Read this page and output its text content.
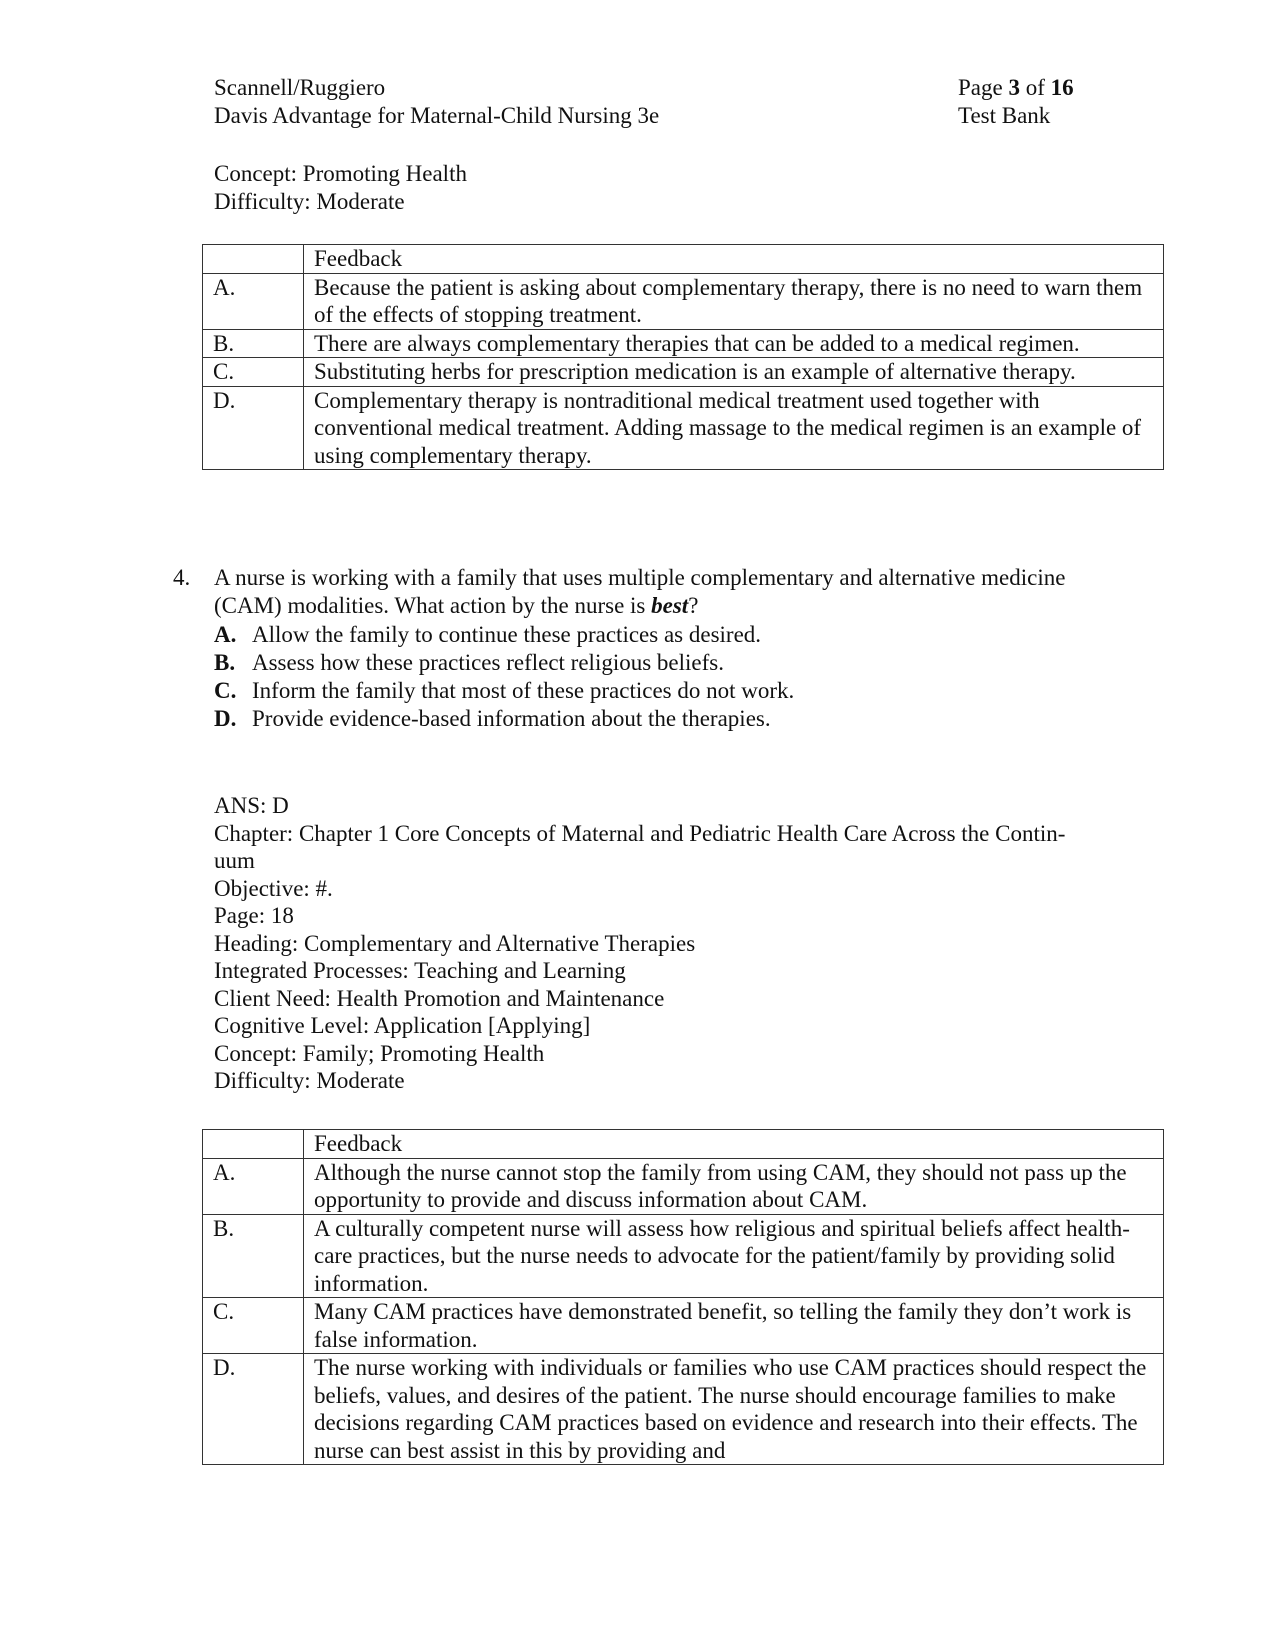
Scannell/Ruggiero
Davis Advantage for Maternal-Child Nursing 3e
Page 3 of 16
Test Bank
Concept: Promoting Health
Difficulty: Moderate
	Feedback
A.	Because the patient is asking about complementary therapy, there is no need to warn them of the effects of stopping treatment.
B.	There are always complementary therapies that can be added to a medical regimen.
C.	Substituting herbs for prescription medication is an example of alternative therapy.
D.	Complementary therapy is nontraditional medical treatment used together with conventional medical treatment. Adding massage to the medical regimen is an example of using complementary therapy.
4. A nurse is working with a family that uses multiple complementary and alternative medicine (CAM) modalities. What action by the nurse is best?
A. Allow the family to continue these practices as desired.
B. Assess how these practices reflect religious beliefs.
C. Inform the family that most of these practices do not work.
D. Provide evidence-based information about the therapies.
ANS: D
Chapter: Chapter 1 Core Concepts of Maternal and Pediatric Health Care Across the Contin-
uum
Objective: #.
Page: 18
Heading: Complementary and Alternative Therapies
Integrated Processes: Teaching and Learning
Client Need: Health Promotion and Maintenance
Cognitive Level: Application [Applying]
Concept: Family; Promoting Health
Difficulty: Moderate
	Feedback
A.	Although the nurse cannot stop the family from using CAM, they should not pass up the opportunity to provide and discuss information about CAM.
B.	A culturally competent nurse will assess how religious and spiritual beliefs affect health-care practices, but the nurse needs to advocate for the patient/family by providing solid information.
C.	Many CAM practices have demonstrated benefit, so telling the family they don’t work is false information.
D.	The nurse working with individuals or families who use CAM practices should respect the beliefs, values, and desires of the patient. The nurse should encourage families to make decisions regarding CAM practices based on evidence and research into their effects. The nurse can best assist in this by providing and
